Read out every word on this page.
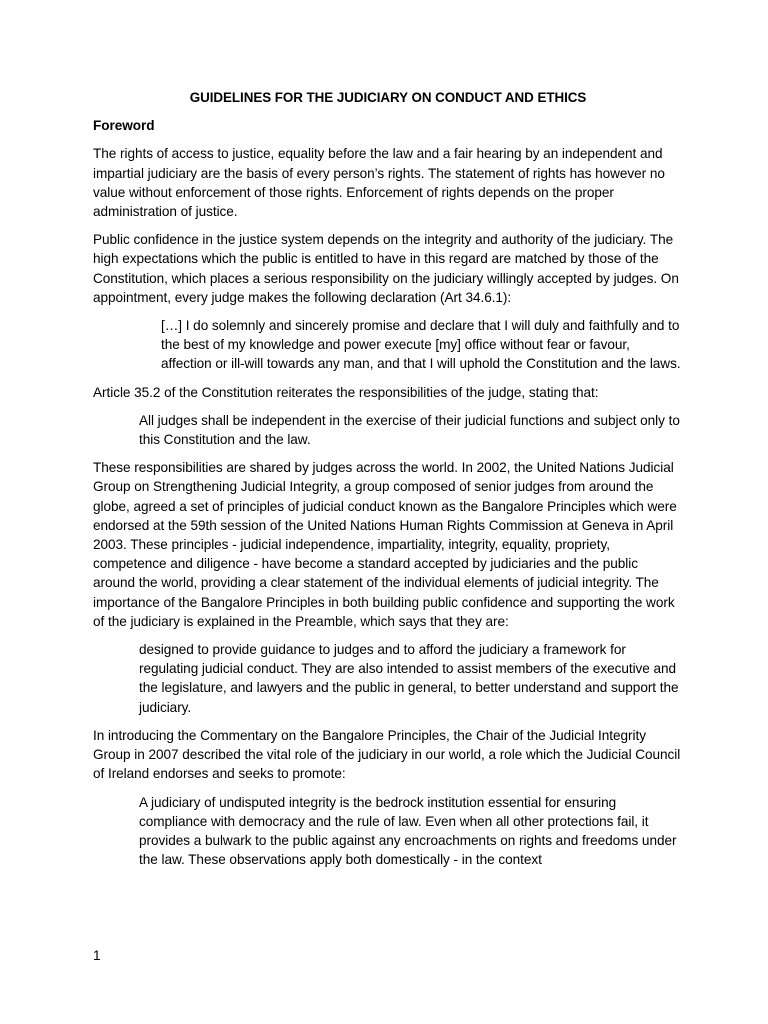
GUIDELINES FOR THE JUDICIARY ON CONDUCT AND ETHICS
Foreword

The rights of access to justice, equality before the law and a fair hearing by an independent and impartial judiciary are the basis of every person’s rights. The statement of rights has however no value without enforcement of those rights. Enforcement of rights depends on the proper administration of justice.

Public confidence in the justice system depends on the integrity and authority of the judiciary. The high expectations which the public is entitled to have in this regard are matched by those of the Constitution, which places a serious responsibility on the judiciary willingly accepted by judges. On appointment, every judge makes the following declaration (Art 34.6.1):

[…] I do solemnly and sincerely promise and declare that I will duly and faithfully and to the best of my knowledge and power execute [my] office without fear or favour, affection or ill-will towards any man, and that I will uphold the Constitution and the laws.

Article 35.2 of the Constitution reiterates the responsibilities of the judge, stating that:

All judges shall be independent in the exercise of their judicial functions and subject only to this Constitution and the law.

These responsibilities are shared by judges across the world. In 2002, the United Nations Judicial Group on Strengthening Judicial Integrity, a group composed of senior judges from around the globe, agreed a set of principles of judicial conduct known as the Bangalore Principles which were endorsed at the 59th session of the United Nations Human Rights Commission at Geneva in April 2003. These principles - judicial independence, impartiality, integrity, equality, propriety, competence and diligence - have become a standard accepted by judiciaries and the public around the world, providing a clear statement of the individual elements of judicial integrity. The importance of the Bangalore Principles in both building public confidence and supporting the work of the judiciary is explained in the Preamble, which says that they are:

designed to provide guidance to judges and to afford the judiciary a framework for regulating judicial conduct. They are also intended to assist members of the executive and the legislature, and lawyers and the public in general, to better understand and support the judiciary.

In introducing the Commentary on the Bangalore Principles, the Chair of the Judicial Integrity Group in 2007 described the vital role of the judiciary in our world, a role which the Judicial Council of Ireland endorses and seeks to promote:

A judiciary of undisputed integrity is the bedrock institution essential for ensuring compliance with democracy and the rule of law. Even when all other protections fail, it provides a bulwark to the public against any encroachments on rights and freedoms under the law. These observations apply both domestically - in the context

1
